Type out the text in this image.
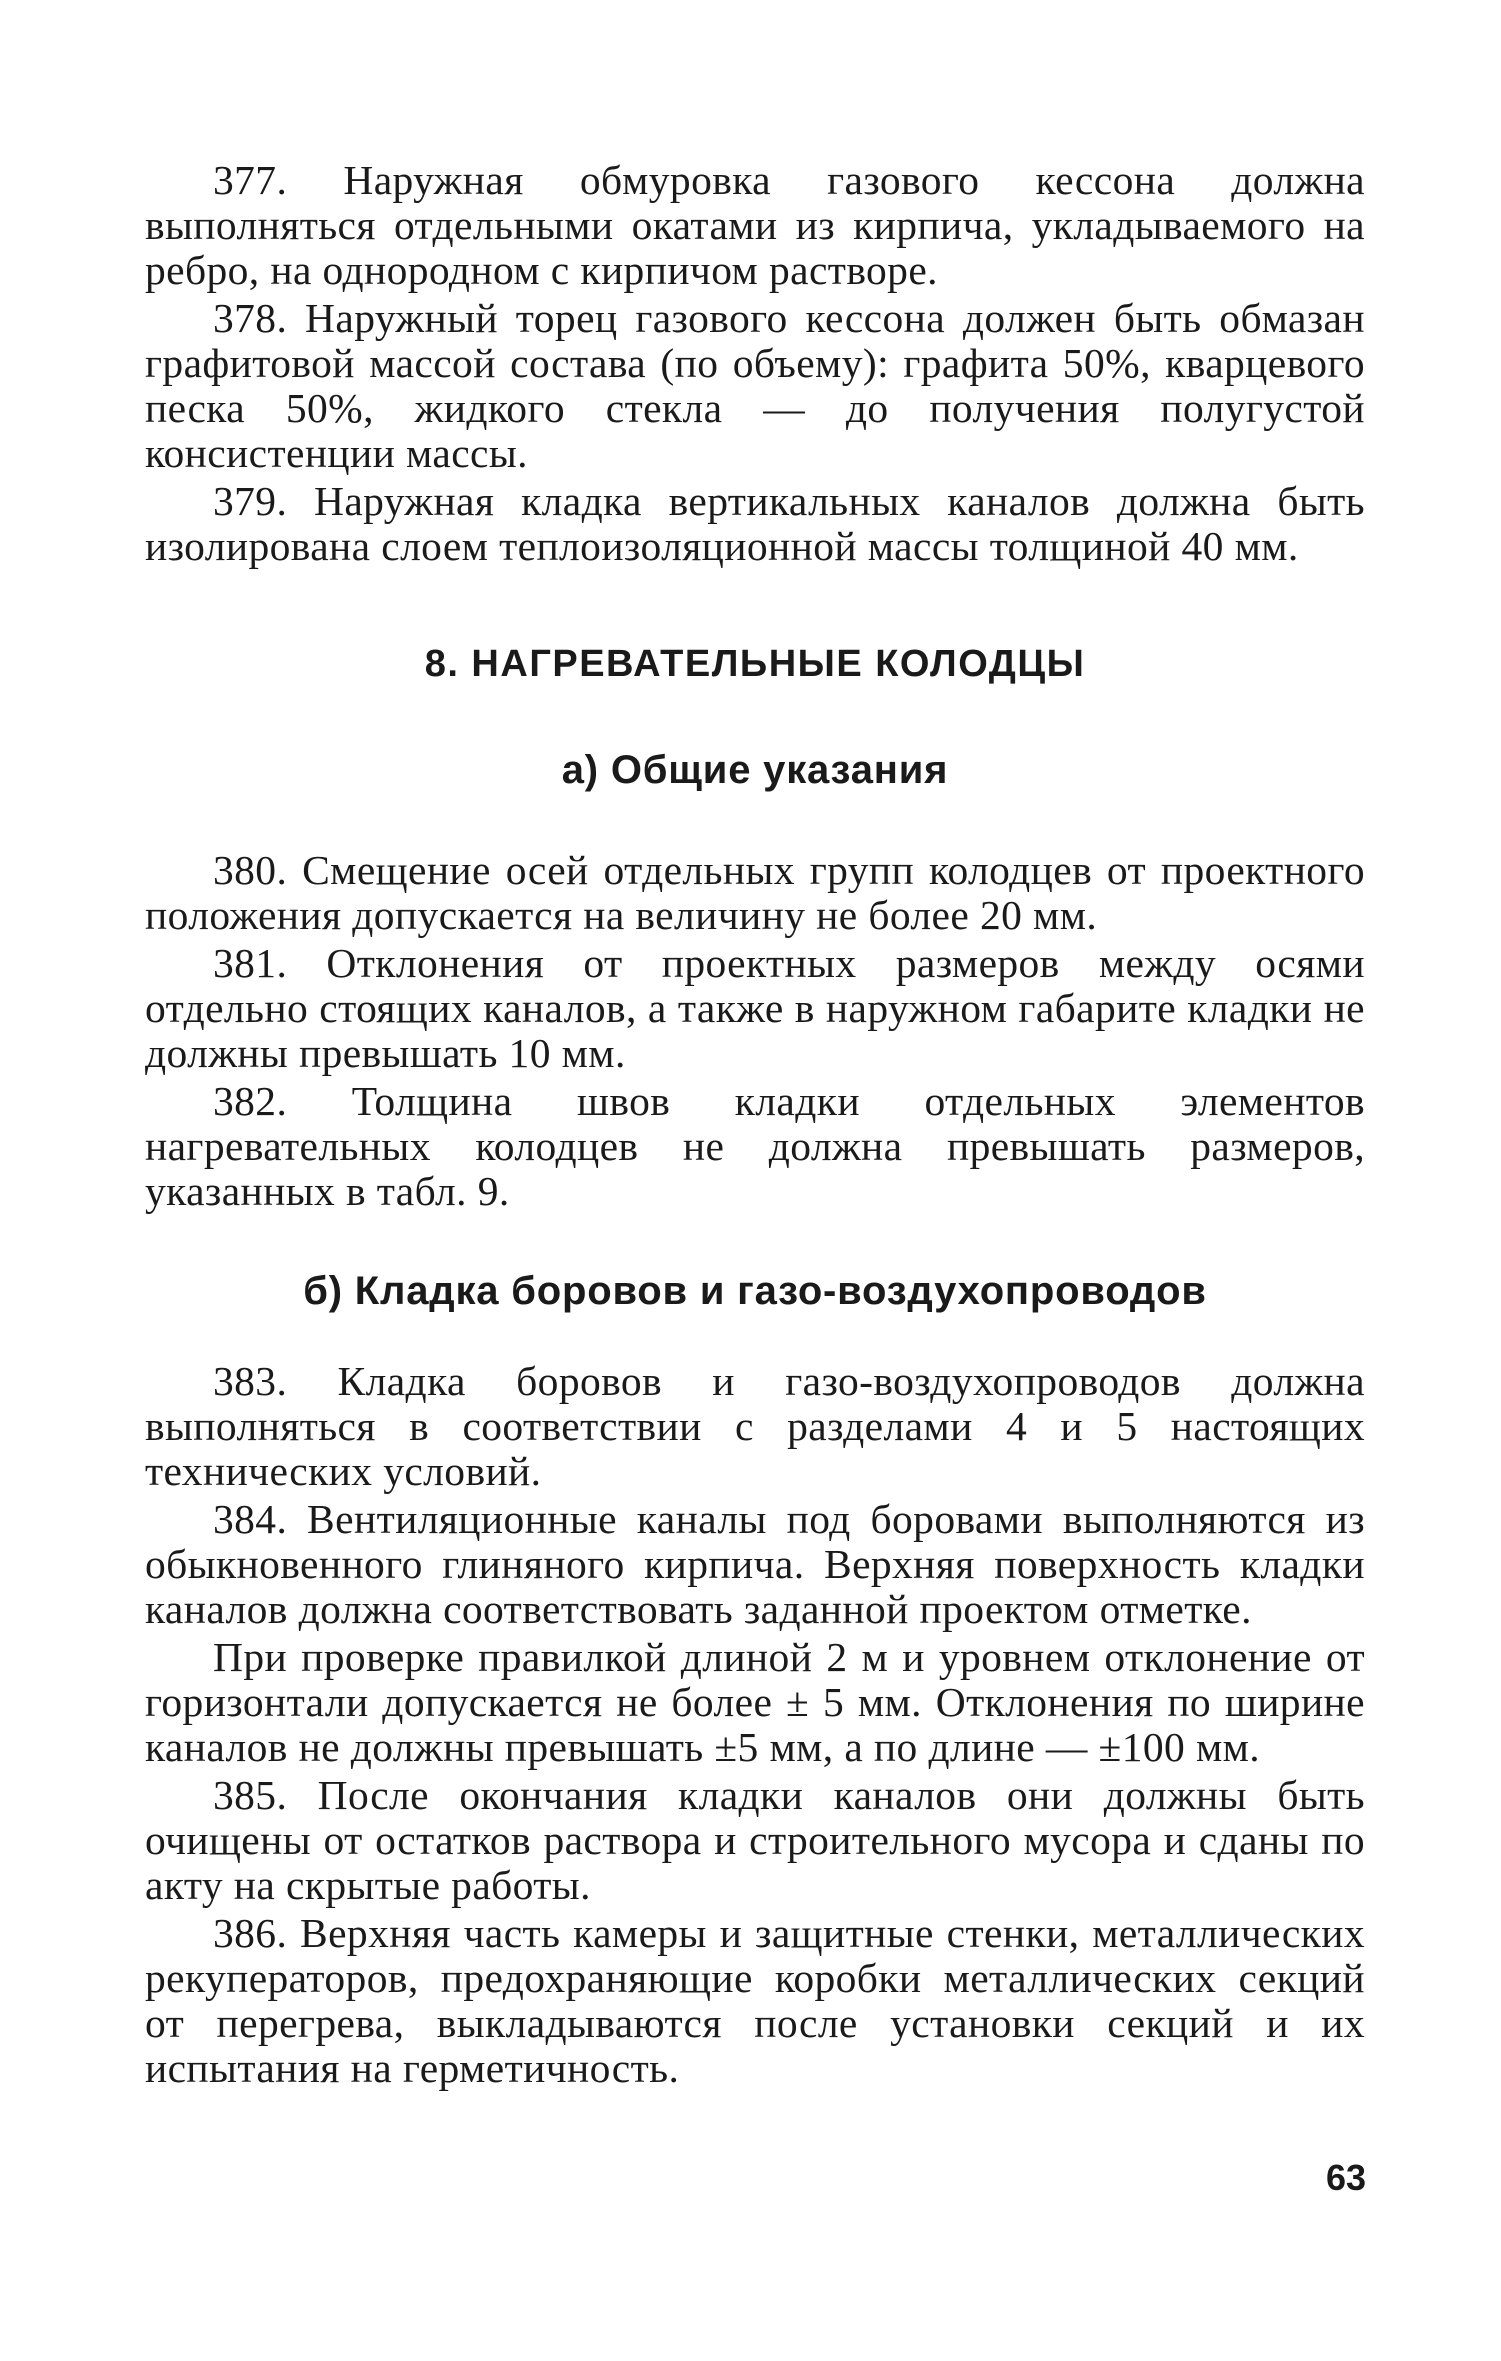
377. Наружная обмуровка газового кессона должна выполняться отдельными окатами из кирпича, укладываемого на ребро, на однородном с кирпичом растворе.

378. Наружный торец газового кессона должен быть обмазан графитовой массой состава (по объему): графита 50%, кварцевого песка 50%, жидкого стекла — до получения полугустой консистенции массы.

379. Наружная кладка вертикальных каналов должна быть изолирована слоем теплоизоляционной массы толщиной 40 мм.

8. НАГРЕВАТЕЛЬНЫЕ КОЛОДЦЫ
а) Общие указания

380. Смещение осей отдельных групп колодцев от проектного положения допускается на величину не более 20 мм.

381. Отклонения от проектных размеров между осями отдельно стоящих каналов, а также в наружном габарите кладки не должны превышать 10 мм.

382. Толщина швов кладки отдельных элементов нагревательных колодцев не должна превышать размеров, указанных в табл. 9.

б) Кладка боровов и газо-воздухопроводов

383. Кладка боровов и газо-воздухопроводов должна выполняться в соответствии с разделами 4 и 5 настоящих технических условий.

384. Вентиляционные каналы под боровами выполняются из обыкновенного глиняного кирпича. Верхняя поверхность кладки каналов должна соответствовать заданной проектом отметке.

При проверке правилкой длиной 2 м и уровнем отклонение от горизонтали допускается не более ± 5 мм. Отклонения по ширине каналов не должны превышать ±5 мм, а по длине — ±100 мм.

385. После окончания кладки каналов они должны быть очищены от остатков раствора и строительного мусора и сданы по акту на скрытые работы.

386. Верхняя часть камеры и защитные стенки, металлических рекуператоров, предохраняющие коробки металлических секций от перегрева, выкладываются после установки секций и их испытания на герметичность.

63
